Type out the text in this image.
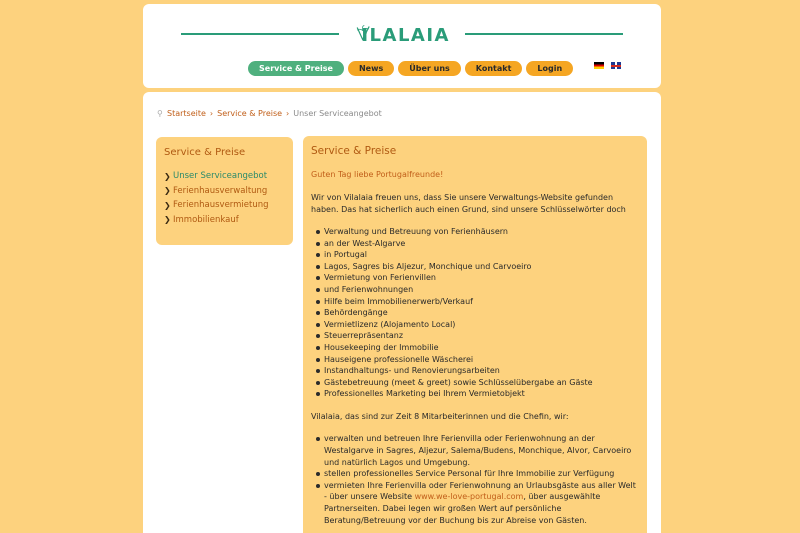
ILALAIA
Service & Preise	News	Über uns	Kontakt	Login
⚲ Startseite › Service & Preise › Unser Serviceangebot
Service & Preise
❯ Unser Serviceangebot
❯ Ferienhausverwaltung
❯ Ferienhausvermietung
❯ Immobilienkauf
Service & Preise
Guten Tag liebe Portugalfreunde!

Wir von Vilalaia freuen uns, dass Sie unsere Verwaltungs-Website gefunden haben. Das hat sicherlich auch einen Grund, sind unsere Schlüsselwörter doch

Verwaltung und Betreuung von Ferienhäusern
an der West-Algarve
in Portugal
Lagos, Sagres bis Aljezur, Monchique und Carvoeiro
Vermietung von Ferienvillen
und Ferienwohnungen
Hilfe beim Immobilienerwerb/Verkauf
Behördengänge
Vermietlizenz (Alojamento Local)
Steuerrepräsentanz
Housekeeping der Immobilie
Hauseigene professionelle Wäscherei
Instandhaltungs- und Renovierungsarbeiten
Gästebetreuung (meet & greet) sowie Schlüsselübergabe an Gäste
Professionelles Marketing bei Ihrem Vermietobjekt

Vilalaia, das sind zur Zeit 8 Mitarbeiterinnen und die Chefin, wir:

verwalten und betreuen Ihre Ferienvilla oder Ferienwohnung an der Westalgarve in Sagres, Aljezur, Salema/Budens, Monchique, Alvor, Carvoeiro und natürlich Lagos und Umgebung.
stellen professionelles Service Personal für Ihre Immobilie zur Verfügung
vermieten Ihre Ferienvilla oder Ferienwohnung an Urlaubsgäste aus aller Welt - über unsere Website www.we-love-portugal.com, über ausgewählte Partnerseiten. Dabei legen wir großen Wert auf persönliche Beratung/Betreuung vor der Buchung bis zur Abreise von Gästen.
